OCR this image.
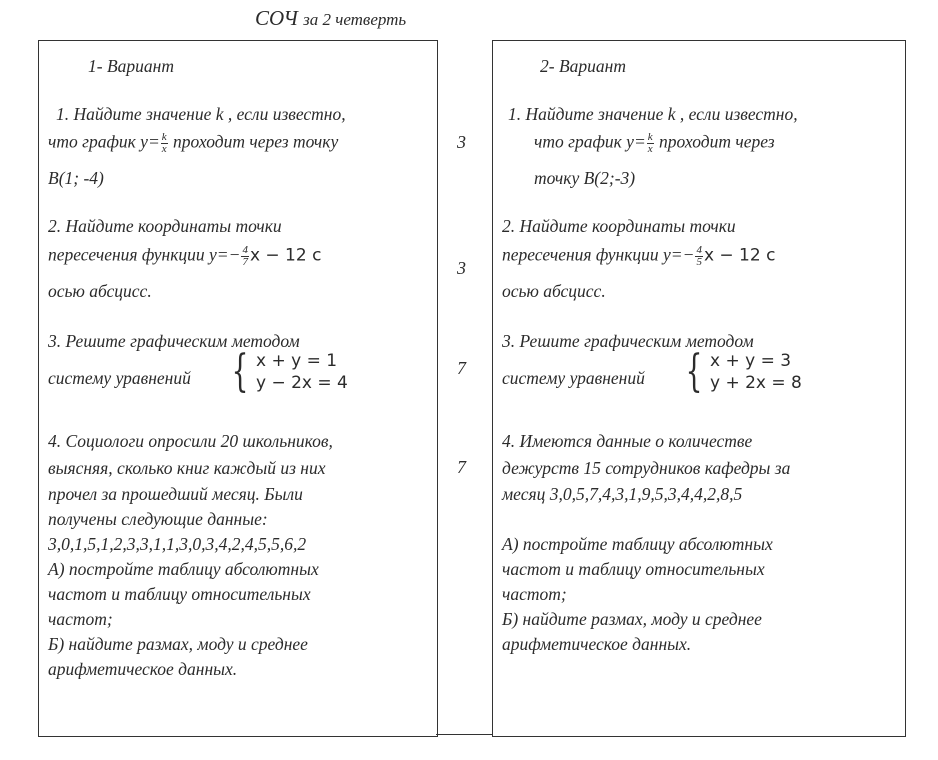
СОЧ за 2 четверть
1- Вариант
1. Найдите значение k , если известно,
что график $y= \frac{k}{x}$ проходит через точку
B(1; -4)
2. Найдите координаты точки
пересечения функции $y=- \frac{4}{7}$ x − 12 с
осью абсцисс.
3. Решите графическим методом
систему уравнений { x + y = 1
y − 2x = 4
4. Социологи опросили 20 школьников,
выясняя, сколько книг каждый из них
прочел за прошедший месяц. Были
получены следующие данные:
3,0,1,5,1,2,3,3,1,1,3,0,3,4,2,4,5,5,6,2
А) постройте таблицу абсолютных
частот и таблицу относительных
частот;
Б) найдите размах, моду и среднее
арифметическое данных.
3
3
7
7
2- Вариант
1. Найдите значение k , если известно,
что график $y= \frac{k}{x}$ проходит через
точку B(2;-3)
2. Найдите координаты точки
пересечения функции $y=- \frac{4}{5}$ x − 12 с
осью абсцисс.
3. Решите графическим методом
систему уравнений { x + y = 3
y + 2x = 8
4. Имеются данные о количестве
дежурств 15 сотрудников кафедры за
месяц 3,0,5,7,4,3,1,9,5,3,4,4,2,8,5
А) постройте таблицу абсолютных
частот и таблицу относительных
частот;
Б) найдите размах, моду и среднее
арифметическое данных.
